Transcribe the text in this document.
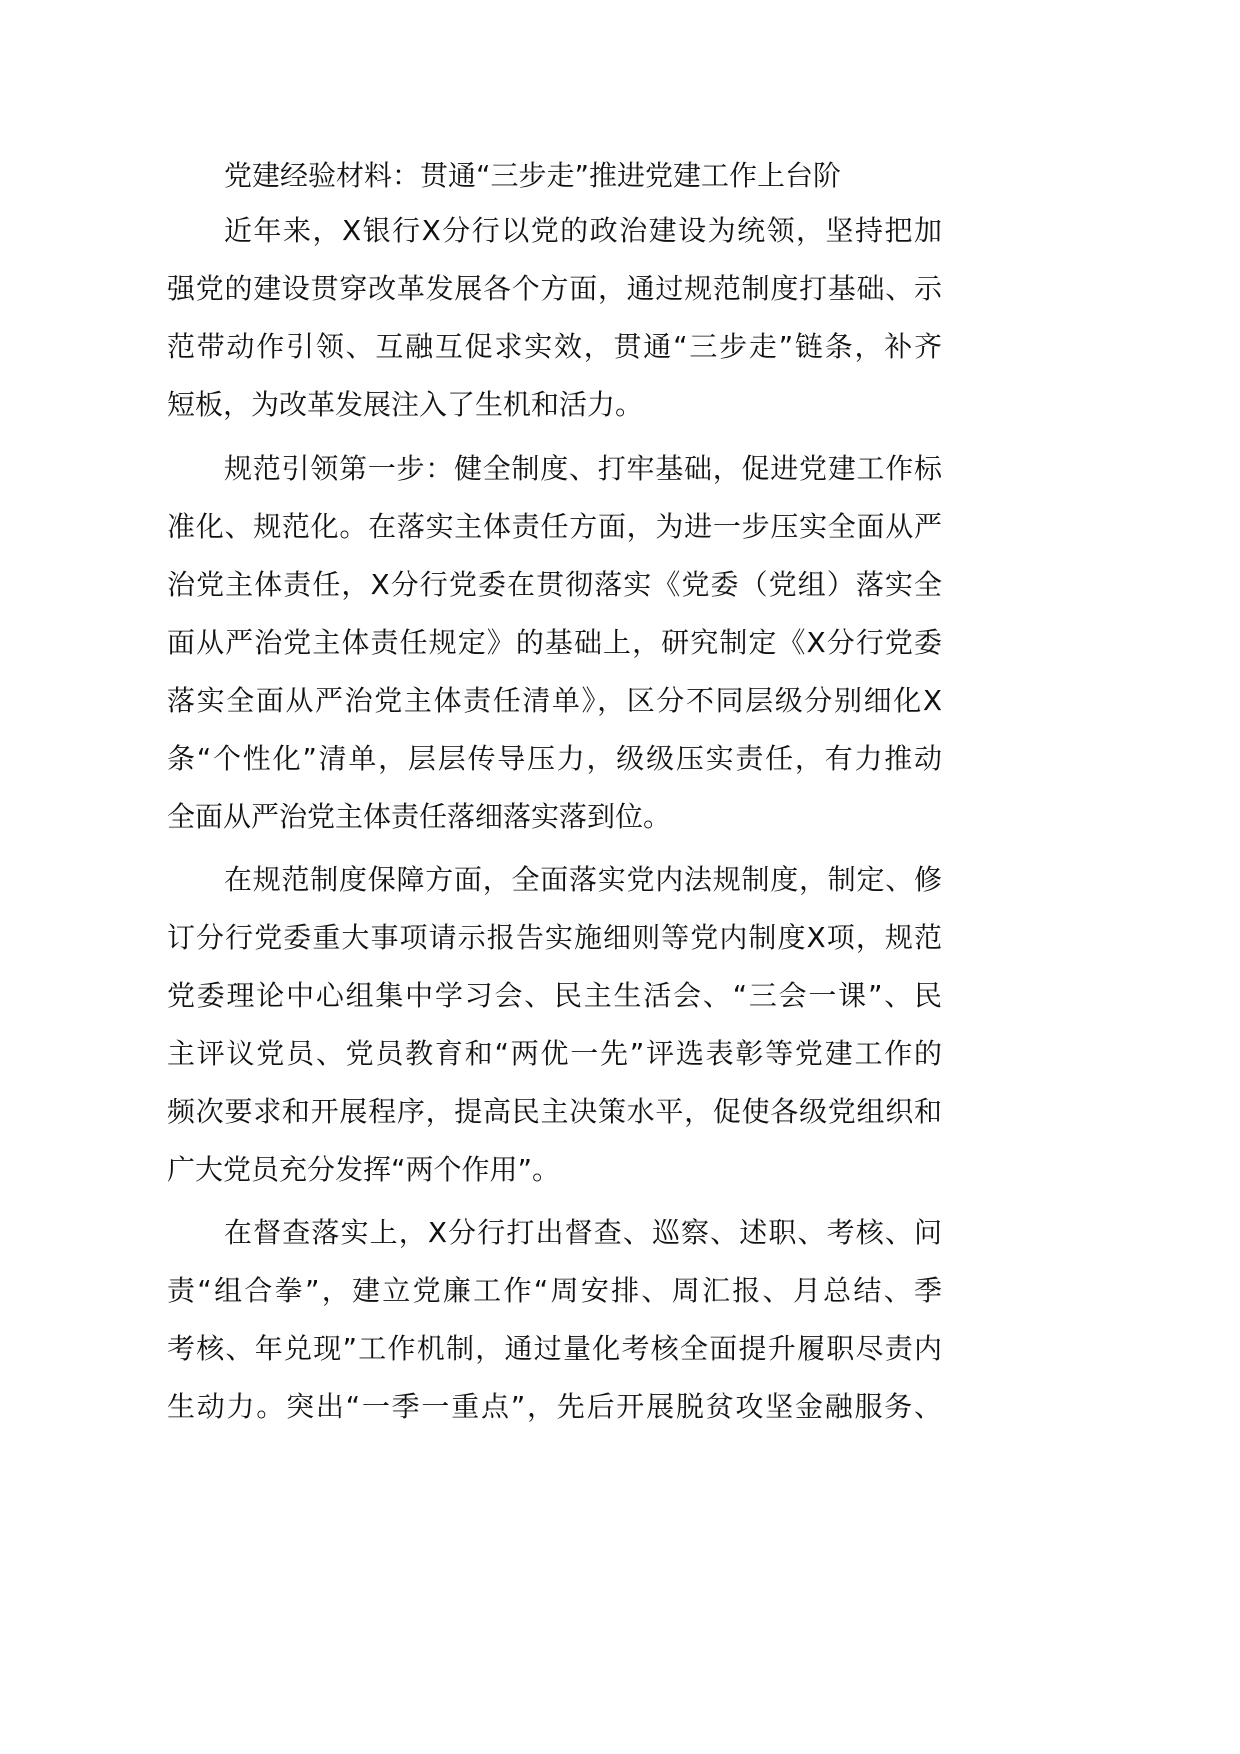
党建经验材料：贯通“三步走”推进党建工作上台阶
近年来，X银行X分行以党的政治建设为统领，坚持把加
强党的建设贯穿改革发展各个方面，通过规范制度打基础、示
范带动作引领、互融互促求实效，贯通“三步走”链条，补齐
短板，为改革发展注入了生机和活力。
规范引领第一步：健全制度、打牢基础，促进党建工作标
准化、规范化。在落实主体责任方面，为进一步压实全面从严
治党主体责任，X分行党委在贯彻落实《党委（党组）落实全
面从严治党主体责任规定》的基础上，研究制定《X分行党委
落实全面从严治党主体责任清单》，区分不同层级分别细化X
条“个性化”清单，层层传导压力，级级压实责任，有力推动
全面从严治党主体责任落细落实落到位。
在规范制度保障方面，全面落实党内法规制度，制定、修
订分行党委重大事项请示报告实施细则等党内制度X项，规范
党委理论中心组集中学习会、民主生活会、“三会一课”、民
主评议党员、党员教育和“两优一先”评选表彰等党建工作的
频次要求和开展程序，提高民主决策水平，促使各级党组织和
广大党员充分发挥“两个作用”。
在督查落实上，X分行打出督查、巡察、述职、考核、问
责“组合拳”，建立党廉工作“周安排、周汇报、月总结、季
考核、年兑现”工作机制，通过量化考核全面提升履职尽责内
生动力。突出“一季一重点”，先后开展脱贫攻坚金融服务、
